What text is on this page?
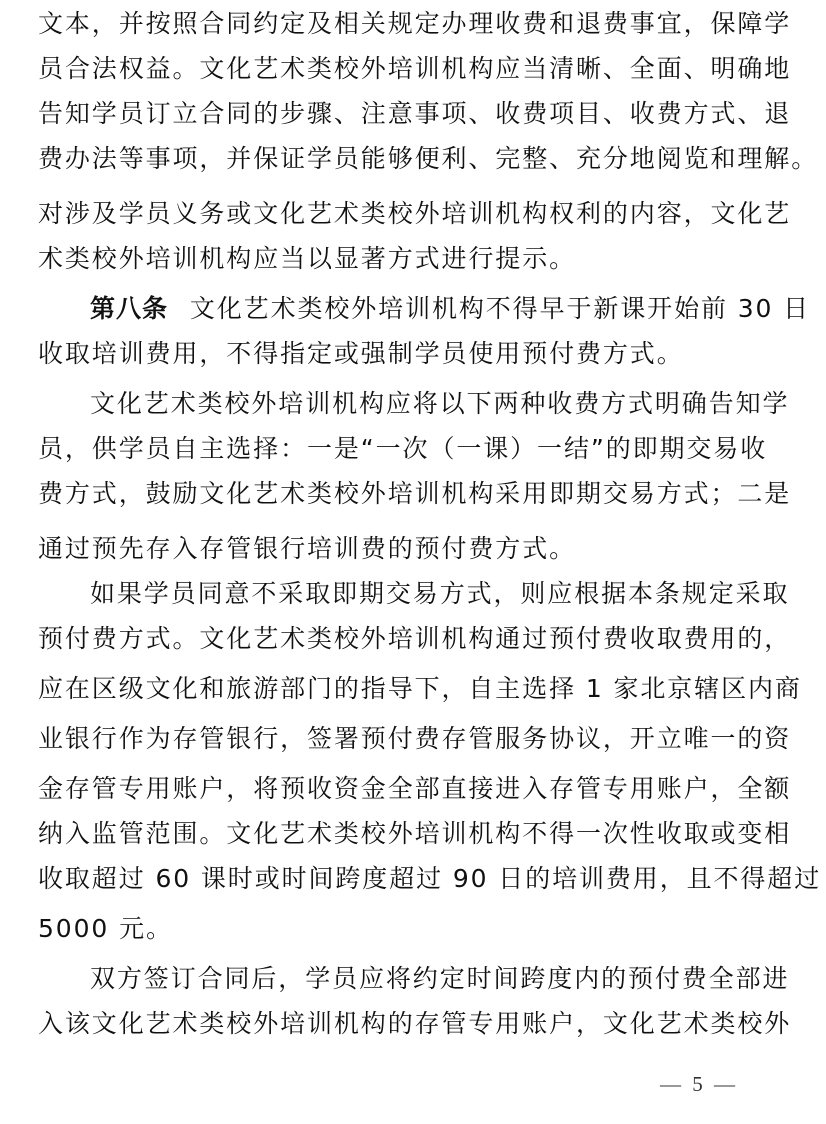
文本，并按照合同约定及相关规定办理收费和退费事宜，保障学
员合法权益。文化艺术类校外培训机构应当清晰、全面、明确地
告知学员订立合同的步骤、注意事项、收费项目、收费方式、退
费办法等事项，并保证学员能够便利、完整、充分地阅览和理解。
对涉及学员义务或文化艺术类校外培训机构权利的内容，文化艺
术类校外培训机构应当以显著方式进行提示。
第八条 文化艺术类校外培训机构不得早于新课开始前 30 日
收取培训费用，不得指定或强制学员使用预付费方式。
文化艺术类校外培训机构应将以下两种收费方式明确告知学
员，供学员自主选择：一是“一次（一课）一结”的即期交易收
费方式，鼓励文化艺术类校外培训机构采用即期交易方式；二是
通过预先存入存管银行培训费的预付费方式。
如果学员同意不采取即期交易方式，则应根据本条规定采取
预付费方式。文化艺术类校外培训机构通过预付费收取费用的，
应在区级文化和旅游部门的指导下，自主选择 1 家北京辖区内商
业银行作为存管银行，签署预付费存管服务协议，开立唯一的资
金存管专用账户，将预收资金全部直接进入存管专用账户，全额
纳入监管范围。文化艺术类校外培训机构不得一次性收取或变相
收取超过 60 课时或时间跨度超过 90 日的培训费用，且不得超过
5000 元。
双方签订合同后，学员应将约定时间跨度内的预付费全部进
入该文化艺术类校外培训机构的存管专用账户，文化艺术类校外
— 5 —
